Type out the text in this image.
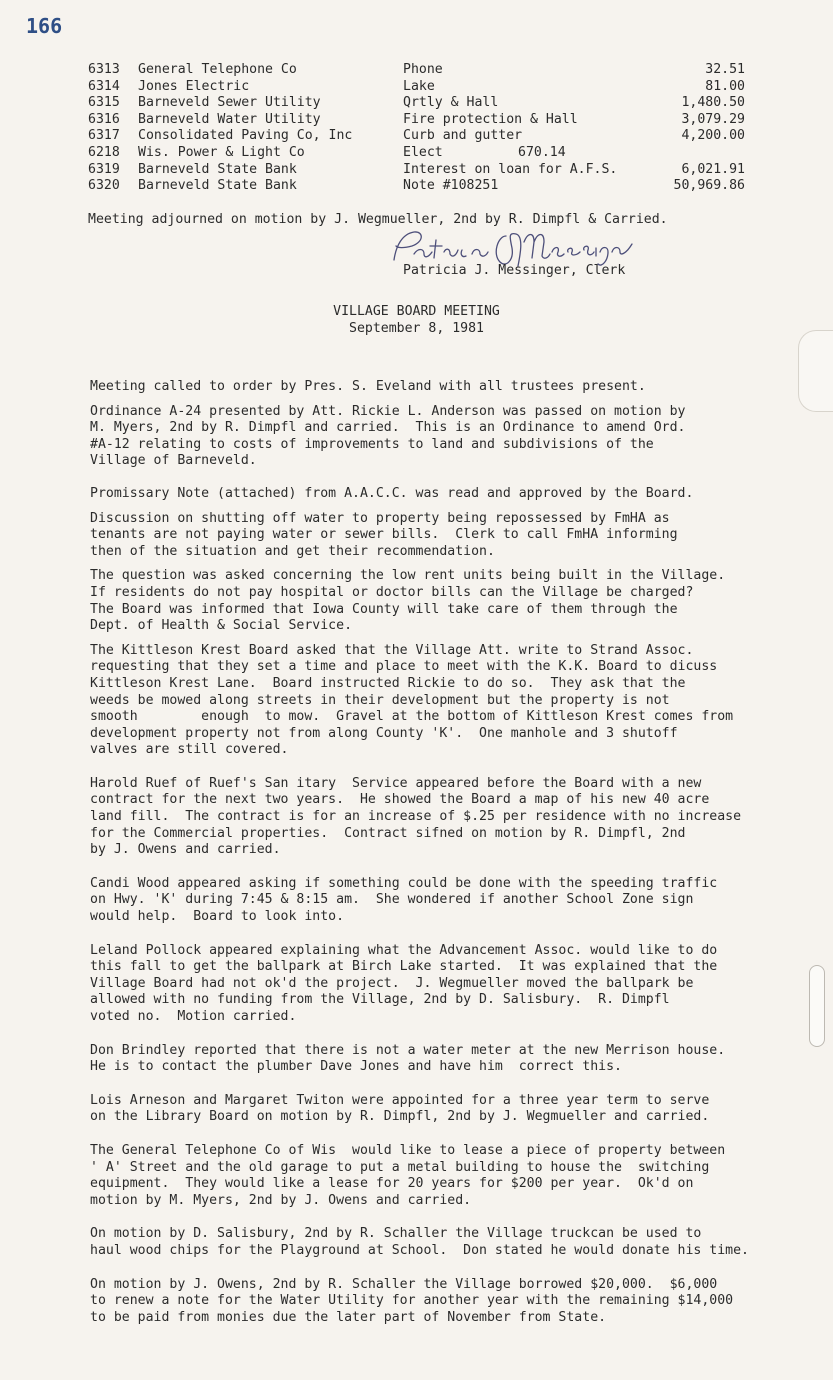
166
6313 General Telephone Co	Phone	32.51
6314 Jones Electric	Lake	81.00
6315 Barneveld Sewer Utility	Qrtly & Hall	1,480.50
6316 Barneveld Water Utility	Fire protection & Hall	3,079.29
6317 Consolidated Paving Co, Inc	Curb and gutter	4,200.00
6218 Wis. Power & Light Co	Elect	670.14
6319 Barneveld State Bank	Interest on loan for A.F.S.	6,021.91
6320 Barneveld State Bank	Note #108251	50,969.86
Meeting adjourned on motion by J. Wegmueller, 2nd by R. Dimpfl & Carried.
Patricia J. Messinger, Clerk
VILLAGE BOARD MEETING
September 8, 1981
Meeting called to order by Pres. S. Eveland with all trustees present.
Ordinance A-24 presented by Att. Rickie L. Anderson was passed on motion by
M. Myers, 2nd by R. Dimpfl and carried.  This is an Ordinance to amend Ord.
#A-12 relating to costs of improvements to land and subdivisions of the
Village of Barneveld.
Promissary Note (attached) from A.A.C.C. was read and approved by the Board.
Discussion on shutting off water to property being repossessed by FmHA as
tenants are not paying water or sewer bills.  Clerk to call FmHA informing
then of the situation and get their recommendation.
The question was asked concerning the low rent units being built in the Village.
If residents do not pay hospital or doctor bills can the Village be charged?
The Board was informed that Iowa County will take care of them through the
Dept. of Health & Social Service.
The Kittleson Krest Board asked that the Village Att. write to Strand Assoc.
requesting that they set a time and place to meet with the K.K. Board to dicuss
Kittleson Krest Lane.  Board instructed Rickie to do so.  They ask that the
weeds be mowed along streets in their development but the property is not
smooth        enough  to mow.  Gravel at the bottom of Kittleson Krest comes from
development property not from along County 'K'.  One manhole and 3 shutoff
valves are still covered.
Harold Ruef of Ruef's San itary  Service appeared before the Board with a new
contract for the next two years.  He showed the Board a map of his new 40 acre
land fill.  The contract is for an increase of $.25 per residence with no increase
for the Commercial properties.  Contract sifned on motion by R. Dimpfl, 2nd
by J. Owens and carried.
Candi Wood appeared asking if something could be done with the speeding traffic
on Hwy. 'K' during 7:45 & 8:15 am.  She wondered if another School Zone sign
would help.  Board to look into.
Leland Pollock appeared explaining what the Advancement Assoc. would like to do
this fall to get the ballpark at Birch Lake started.  It was explained that the
Village Board had not ok'd the project.  J. Wegmueller moved the ballpark be
allowed with no funding from the Village, 2nd by D. Salisbury.  R. Dimpfl
voted no.  Motion carried.
Don Brindley reported that there is not a water meter at the new Merrison house.
He is to contact the plumber Dave Jones and have him  correct this.
Lois Arneson and Margaret Twiton were appointed for a three year term to serve
on the Library Board on motion by R. Dimpfl, 2nd by J. Wegmueller and carried.
The General Telephone Co of Wis  would like to lease a piece of property between
' A' Street and the old garage to put a metal building to house the  switching
equipment.  They would like a lease for 20 years for $200 per year.  Ok'd on
motion by M. Myers, 2nd by J. Owens and carried.
On motion by D. Salisbury, 2nd by R. Schaller the Village truckcan be used to
haul wood chips for the Playground at School.  Don stated he would donate his time.
On motion by J. Owens, 2nd by R. Schaller the Village borrowed $20,000.  $6,000
to renew a note for the Water Utility for another year with the remaining $14,000
to be paid from monies due the later part of November from State.
